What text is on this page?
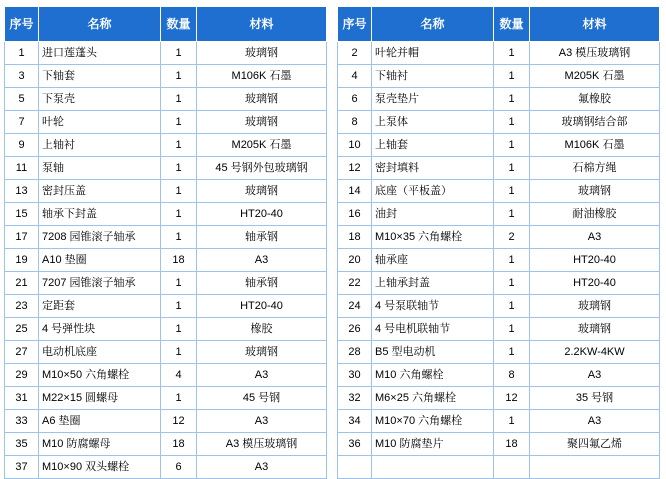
序号	名称	数量	材料
1	进口莲蓬头	1	玻璃钢
3	下轴套	1	M106K 石墨
5	下泵壳	1	玻璃钢
7	叶轮	1	玻璃钢
9	上轴衬	1	M205K 石墨
11	泵轴	1	45 号钢外包玻璃钢
13	密封压盖	1	玻璃钢
15	轴承下封盖	1	HT20-40
17	7208 园锥滚子轴承	1	轴承钢
19	A10 垫圈	18	A3
21	7207 园锥滚子轴承	1	轴承钢
23	定距套	1	HT20-40
25	4 号弹性块	1	橡胶
27	电动机底座	1	玻璃钢
29	M10×50 六角螺栓	4	A3
31	M22×15 圆螺母	1	45 号钢
33	A6 垫圈	12	A3
35	M10 防腐螺母	18	A3 模压玻璃钢
37	M10×90 双头螺栓	6	A3
序号	名称	数量	材料
2	叶轮并帽	1	A3 模压玻璃钢
4	下轴衬	1	M205K 石墨
6	泵壳垫片	1	氟橡胶
8	上泵体	1	玻璃钢结合部
10	上轴套	1	M106K 石墨
12	密封填料	1	石棉方绳
14	底座（平板盖）	1	玻璃钢
16	油封	1	耐油橡胶
18	M10×35 六角螺栓	2	A3
20	轴承座	1	HT20-40
22	上轴承封盖	1	HT20-40
24	4 号泵联轴节	1	玻璃钢
26	4 号电机联轴节	1	玻璃钢
28	B5 型电动机	1	2.2KW-4KW
30	M10 六角螺栓	8	A3
32	M6×25 六角螺栓	12	35 号钢
34	M10×70 六角螺栓	1	A3
36	M10 防腐垫片	18	聚四氟乙烯
